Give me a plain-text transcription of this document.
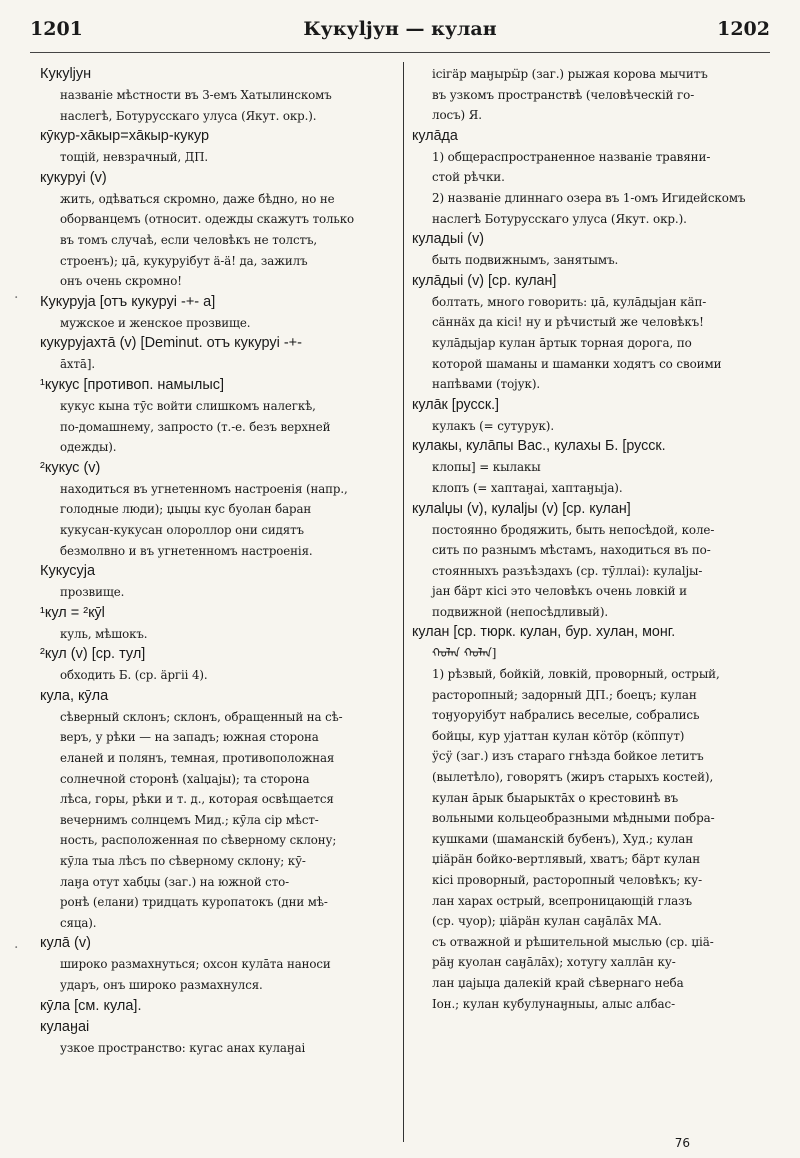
1201	Кукуlјун — кулан	1202
Кукуlјун
названіе мѣстности въ 3-емъ Хатылинскомъ
наслегѣ, Ботурусскаго улуса (Якут. окр.).
кӯкур-хāкыр=хāкыр-кукур
тощій, невзрачный, ДП.
кукуруі (v)
жить, одѣваться скромно, даже бѣдно, но не
оборванцемъ (относит. одежды скажутъ только
въ томъ случаѣ, если человѣкъ не толстъ,
строенъ); џā, кукуруібут ä-ä! да, зажилъ
онъ очень скромно!
Кукуруја [отъ кукуруі -+- а]
мужское и женское прозвище.
кукуруjахтā (v) [Deminut. отъ кукуруі -+-
āхтā].
¹кукус [противоп. намылыс]
кукус кына тӯс войти слишкомъ налегкѣ,
по-домашнему, запросто (т.-е. безъ верхней
одежды).
²кукус (v)
находиться въ угнетенномъ настроенія (напр.,
голодные люди); џыџы кус буолан баран
кукусан-кукусан олороллор они сидятъ
безмолвно и въ угнетенномъ настроенія.
Кукусуја
прозвище.
¹кул = ²кӯl
куль, мѣшокъ.
²кул (v) [ср. тул]
обходить Б. (ср. äргіі 4).
кула, кӯла
сѣверный склонъ; склонъ, обращенный на сѣ-
веръ, у рѣки — на западъ; южная сторона
еланей и полянъ, темная, противоположная
солнечной сторонѣ (хаlџаjы); та сторона
лѣса, горы, рѣки и т. д., которая освѣщается
вечернимъ солнцемъ Мид.; кӯла сір мѣст-
ность, расположенная по сѣверному склону;
кӯла тыа лѣсъ по сѣверному склону; кӯ-
лаӈа отут хабџы (заг.) на южной сто-
ронѣ (елани) тридцать куропатокъ (дни мѣ-
сяца).
кулā (v)
широко размахнуться; охсон кулāта наноси
ударъ, онъ широко размахнулся.
кӯла [см. кула].
кулаӈаі
узкое пространство: кугас анах кулаӈаі
ісігäр маӈырӹр (заг.) рыжая корова мычитъ
въ узкомъ пространствѣ (человѣческій го-
лосъ) Я.
кулāда
1) общераспространенное названіе травяни-
стой рѣчки.
2) названіе длиннаго озера въ 1-омъ Игидейскомъ наслегѣ Ботурусскаго улуса (Якут. окр.).
куладыі (v)
быть подвижнымъ, занятымъ.
кулāдыі (v) [ср. кулан]
болтать, много говорить: џā, кулāдыјан кäп-
сäннäх да кісі! ну и рѣчистый же человѣкъ!
кулāдыјар кулан āртык торная дорога, по
которой шаманы и шаманки ходятъ со своими
напѣвами (тојук).
кулāк [русск.]
кулакъ (= сутурук).
кулакы, кулāпы Вас., кулахы Б. [русск.
клопы] = кылакы
клопъ (= хаптаӈаі, хаптаӈыја).
кулаlџы (v), кулаlјы (v) [ср. кулан]
постоянно бродяжить, быть непосѣдой, коле-
сить по разнымъ мѣстамъ, находиться въ по-
стоянныхъ разъѣздахъ (ср. тӯллаі): кулаlјы-
јан бäрт кісі это человѣкъ очень ловкій и
подвижной (непосѣдливый).
кулан [ср. тюрк. кулан, бур. хулан, монг.
ᠬᠤᠯᠠᠨ ᠬᠤᠯᠠᠨ]
1) рѣзвый, бойкій, ловкій, проворный, острый,
расторопный; задорный ДП.; боецъ; кулан
тоӈуоруібут набрались веселые, собрались
бойцы, кур уjаттан кулан кӧтӧр (кӧппут)
ӱсӱ (заг.) изъ стараго гнѣзда бойкое летитъ
(вылетѣло), говорятъ (жиръ старыхъ костей),
кулан āрык быарыктāх о крестовинѣ въ
вольными кольцеобразными мѣдными побра-
кушками (шаманскій бубенъ), Худ.; кулан
џіäрäн бойко-вертлявый, хватъ; бäрт кулан
кісі проворный, расторопный человѣкъ; ку-
лан харах острый, всепроницающій глазъ
(ср. чуор); џіäрäн кулан саӈāлāх МА.
съ отважной и рѣшительной мыслью (ср. џіä-
рäӈ куолан саӈāлāх); хотугу халлāн ку-
лан џајыџа далекій край сѣвернаго неба
Іон.; кулан кубулунаӈныы, алыс албас-
·
·
76
